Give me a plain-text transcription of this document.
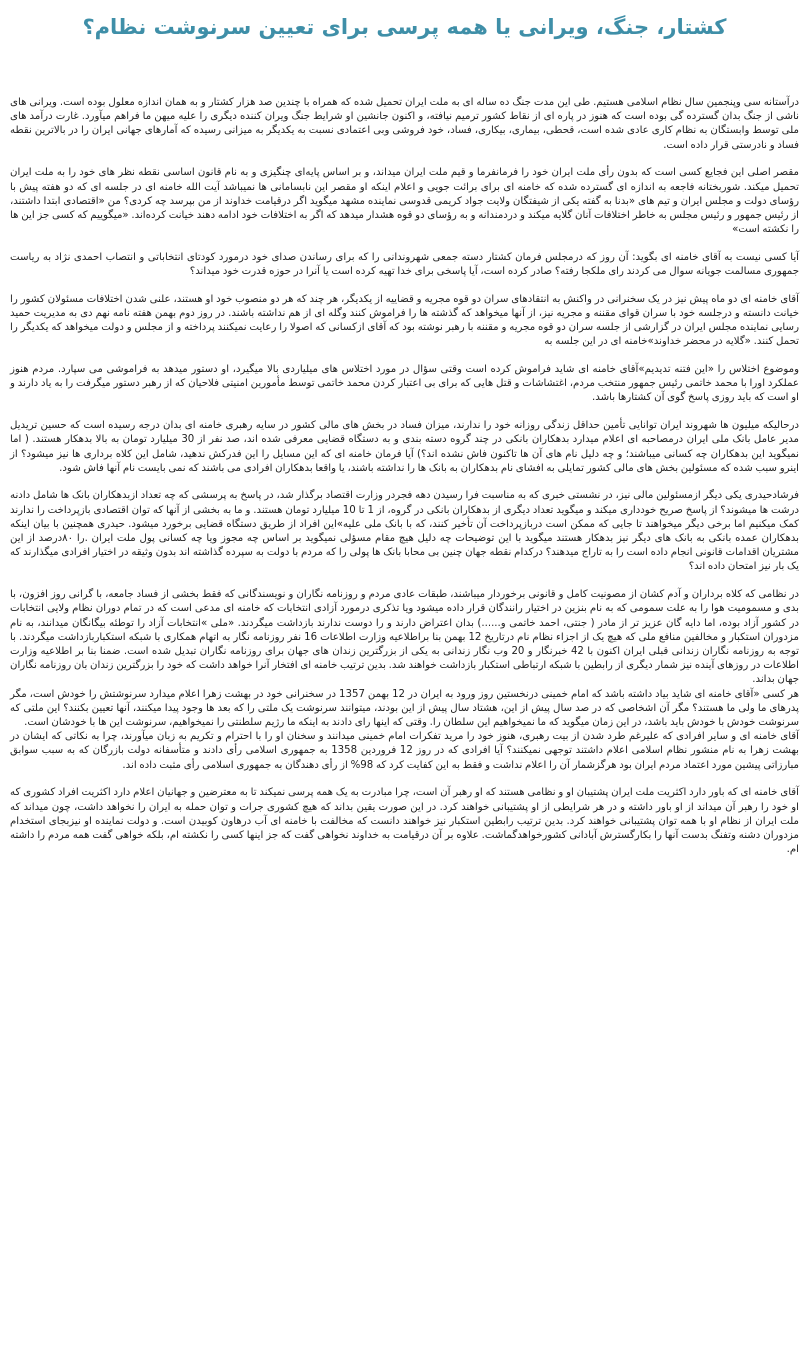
کشتار، جنگ، ویرانی یا همه پرسی برای تعیین سرنوشت نظام؟

درآستانه سی وپنجمین سال نظام اسلامی هستیم. طی این مدت جنگ ده ساله ای به ملت ایران تحمیل شده که همراه با چندین صد هزار کشتار و به همان اندازه معلول بوده است. ویرانی های ناشی از جنگ بدان گسترده گی بوده است که هنوز در پاره ای از نقاط کشور ترمیم نیافته، و اکنون جانشین او شرایط جنگ ویران کننده دیگری را علیه میهن ما فراهم میآورد. غارت درآمد های ملی توسط وابستگان به نظام کاری عادی شده است، قحطی، بیماری، بیکاری، فساد، خود فروشی وبی اعتمادی نسبت به یکدیگر به میزانی رسیده که آمارهای جهانی ایران را در بالاترین نقطه فساد و نادرستی قرار داده است.

مقصر اصلی این فجایع کسی است که بدون رأی ملت ایران خود را فرمانفرما و قیم ملت ایران میداند، و بر اساس پایه‌ای چنگیزی و به نام قانون اساسی نقطه نظر های خود را به ملت ایران تحمیل میکند. شوربختانه فاجعه به اندازه ای گسترده شده که خامنه ای برای برائت جویی و اعلام اینکه او مقصر این نابسامانی ها نمیباشد آیت الله خامنه ای در جلسه ای که دو هفته پیش با رؤسای دولت و مجلس ایران و تیم های «بدنا به گفته یکی از شیفتگان ولایت جواد کریمی قدوسی نماینده مشهد میگوید اگر درقیامت خداوند از من بپرسد چه کردی؟ من «اقتصادی ابتدا داشتند، از رئیس جمهور و رئیس مجلس به خاطر اختلافات آنان گلایه میکند و دردمندانه و به رؤسای دو قوه هشدار میدهد که اگر به اختلافات خود ادامه دهند خیانت کرده‌اند. «میگوییم که کسی جز این ها را نکشته است»

آیا کسی نیست به آقای خامنه ای بگوید: آن روز که درمجلس فرمان کشتار دسته جمعی شهروندانی را که برای رساندن صدای خود درمورد کودتای انتخاباتی و انتصاب احمدی نژاد به ریاست جمهوری مسالمت جویانه سوال می کردند رای ملکجا رفته؟ صادر کرده است، آیا پاسخی برای خدا تهیه کرده است یا آنرا در حوزه قدرت خود میداند؟

آقای خامنه ای دو ماه پیش نیز در یک سخنرانی در واکنش به انتقادهای سران دو قوه مجریه و قضاییه از یکدیگر، هر چند که هر دو منصوب خود او هستند، علنی شدن اختلافات مسئولان کشور را خیانت دانسته و درجلسه خود با سران قوای مقننه و مجریه نیز، از آنها میخواهد که گذشته ها را فراموش کنند وگله ای از هم نداشته باشند. در روز دوم بهمن هفته نامه نهم دی به مدیریت حمید رسایی نماینده مجلس ایران در گزارشی از جلسه سران دو قوه مجریه و مقننه با رهبر نوشته بود که آقای ازکسانی که اصولا را رعایت نمیکنند پرداخته و از مجلس و دولت میخواهد که یکدیگر را تحمل کنند. «گلایه در محضر خداوند»خامنه ای در این جلسه به

وموضوع اختلاس را «این فتنه تدیدیم»آقای خامنه ای شاید فراموش کرده است وقتی سؤال در مورد اختلاس های میلیاردی بالا میگیرد، او دستور میدهد به فراموشی می سپارد. مردم هنوز عملکرد اورا با محمد خاتمی رئیس جمهور منتخب مردم، اغتشاشات و قتل هایی که برای بی اعتبار کردن محمد خاتمی توسط مأمورین امنیتی فلاحیان که از رهبر دستور میگرفت را به یاد دارند و او است که باید روزی پاسخ گوی آن کشتارها باشد.

درحالیکه میلیون ها شهروند ایران توانایی تأمین حداقل زندگی روزانه خود را ندارند، میزان فساد در بخش های مالی کشور در سایه رهبری خامنه ای بدان درجه رسیده است که حسین تریدیل مدیر عامل بانک ملی ایران درمصاحبه ای اعلام میدارد بدهکاران بانکی در چند گروه دسته بندی و به دستگاه قضایی معرفی شده اند، صد نفر از 30 میلیارد تومان به بالا بدهکار هستند. ( اما نمیگوید این بدهکاران چه کسانی میباشند؛ و چه دلیل نام های آن ها تاکنون فاش نشده اند؟) آیا فرمان خامنه ای که این مسایل را این فدرکش ندهید، شامل این کلاه برداری ها نیز میشود؟ از اینرو سبب شده که مسئولین بخش های مالی کشور تمایلی به افشای نام بدهکاران به بانک ها را نداشته باشند، یا واقعا بدهکاران افرادی می باشند که نمی بایست نام آنها فاش شود.

فرشادحیدری یکی دیگر ازمسئولین مالی نیز، در نشستی خبری که به مناسبت فرا رسیدن دهه فجردر وزارت اقتصاد برگذار شد، در پاسخ به پرسشی که چه تعداد ازبدهکاران بانک ها شامل دادنه درشت ها میشوند؟ از پاسخ صریح خودداری میکند و میگوید تعداد دیگری از بدهکاران بانکی در گروه، از 1 تا 10 میلیارد تومان هستند. و ما به بخشی از آنها که توان اقتصادی بازپرداخت را ندارند کمک میکنیم اما برخی دیگر میخواهند تا جایی که ممکن است دربازپرداخت آن تأخیر کنند، که با بانک ملی علیه»این افراد از طریق دستگاه قضایی برخورد میشود. حیدری همچنین با بیان اینکه بدهکاران عمده بانکی به بانک های دیگر نیز بدهکار هستند میگوید با این توضیحات چه دلیل هیچ مقام مسؤلی نمیگوید بر اساس چه مجوز ویا چه کسانی پول ملت ایران .را ۸۰درصد از این مشتریان اقدامات قانونی انجام داده است را به تاراج میدهند؟ درکدام نقطه جهان چنین بی محابا بانک ها پولی را که مردم با دولت به سپرده گذاشته اند بدون وثیقه در اختیار افرادی میگذارند که یک بار نیز امتحان داده اند؟

در نظامی که کلاه برداران و آدم کشان از مصونیت کامل و قانونی برخوردار میباشند، طبقات عادی مردم و روزنامه نگاران و نویسندگانی که فقط بخشی از فساد جامعه، با گرانی روز افزون، با بدی و مسمومیت هوا را به علت سمومی که به نام بنزین در اختیار رانندگان قرار داده میشود ویا تذکری درمورد آزادی انتخابات که خامنه ای مدعی است که در تمام دوران نظام ولایی انتخابات در کشور آزاد بوده، اما دایه گان عزیز تر از مادر ( جنتی، احمد خاتمی و......) بدان اعتراض دارند و را دوست ندارند بازداشت میگردند. «ملی »انتخابات آزاد را توطئه بیگانگان میدانند، به نام مزدوران استکبار و مخالفین منافع ملی که هیچ یک از اجزاء نظام نام درتاریخ 12 بهمن بنا براطلاعیه وزارت اطلاعات 16 نفر روزنامه نگار به اتهام همکاری با شبکه استکباربازداشت میگردند. با توجه به روزنامه نگاران زندانی قبلی ایران اکنون با 42 خبرنگار و 20 وب نگار زندانی به یکی از بزرگترین زندان های جهان برای روزنامه نگاران تبدیل شده است. ضمنا بنا بر اطلاعیه وزارت اطلاعات در روزهای آینده نیز شمار دیگری از رابطین با شبکه ارتباطی استکبار بازداشت خواهند شد. بدین ترتیب خامنه ای افتخار آنرا خواهد داشت که خود را بزرگترین زندان بان روزنامه نگاران جهان بداند.
هر کسی «آقای خامنه ای شاید بیاد داشته باشد که امام خمینی درنخستین روز ورود به ایران در 12 بهمن 1357 در سخنرانی خود در بهشت زهرا اعلام میدارد سرنوشتش را خودش است، مگر پدرهای ما ولی ما هستند؟ مگر آن اشخاصی که در صد سال پیش از این، هشتاد سال پیش از این بودند، میتوانند سرنوشت یک ملتی را که بعد ها وجود پیدا میکنند، آنها تعیین بکنند؟ این ملتی که سرنوشت خودش با خودش باید باشد، در این زمان میگوید که ما نمیخواهیم این سلطان را. وقتی که اینها رای دادند به اینکه ما رژیم سلطنتی را نمیخواهیم، سرنوشت این ها با خودشان است.
آقای خامنه ای و سایر افرادی که علیرغم طرد شدن از بیت رهبری، هنوز خود را مرید تفکرات امام خمینی میدانند و سخنان او را با احترام و تکریم به زبان میآورند، چرا به نکاتی که ایشان در بهشت زهرا به نام منشور نظام اسلامی اعلام داشتند توجهی نمیکنند؟ آیا افرادی که در روز 12 فروردین 1358 به جمهوری اسلامی رأی دادند و متأسفانه دولت بازرگان که به سبب سوابق مبارزاتی پیشین مورد اعتماد مردم ایران بود هرگزشمار آن را اعلام نداشت و فقط به این کفایت کرد که 98% از رأی دهندگان به جمهوری اسلامی رأی مثبت داده اند.

آقای خامنه ای که باور دارد اکثریت ملت ایران پشتیبان او و نظامی هستند که او رهبر آن است، چرا مبادرت به یک همه پرسی نمیکند تا به معترضین و جهانیان اعلام دارد اکثریت افراد کشوری که او خود را رهبر آن میداند از او باور داشته و در هر شرایطی از او پشتیبانی خواهند کرد. در این صورت یقین بداند که هیچ کشوری جرات و توان حمله به ایران را نخواهد داشت، چون میداند که ملت ایران از نظام او با همه توان پشتیبانی خواهند کرد. بدین ترتیب رابطین استکبار نیز خواهند دانست که مخالفت با خامنه ای آب درهاون کوبیدن است. و دولت نماینده او نیزبجای استخدام مزدوران دشنه وتفنگ بدست آنها را بکارگسترش آبادانی کشورخواهدگماشت. علاوه بر آن درقیامت به خداوند نخواهی گفت که جز اینها کسی را نکشته ام، بلکه خواهی گفت همه مردم را داشته ام.
